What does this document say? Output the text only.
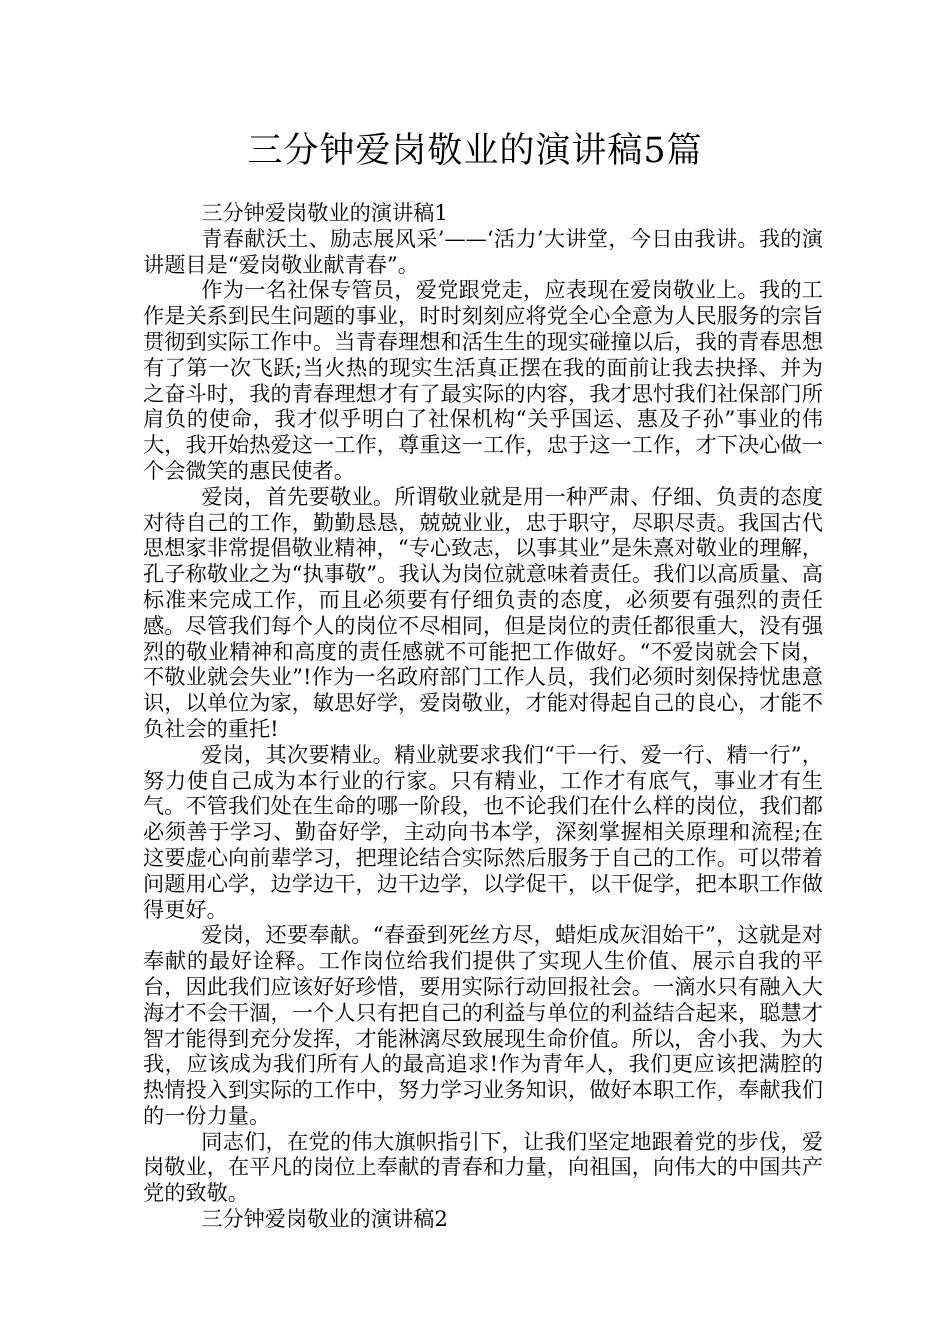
三分钟爱岗敬业的演讲稿5篇

三分钟爱岗敬业的演讲稿1

青春献沃土、励志展风采’——‘活力’大讲堂，今日由我讲。我的演讲题目是“爱岗敬业献青春”。

作为一名社保专管员，爱党跟党走，应表现在爱岗敬业上。我的工作是关系到民生问题的事业，时时刻刻应将党全心全意为人民服务的宗旨贯彻到实际工作中。当青春理想和活生生的现实碰撞以后，我的青春思想有了第一次飞跃;当火热的现实生活真正摆在我的面前让我去抉择、并为之奋斗时，我的青春理想才有了最实际的内容，我才思忖我们社保部门所肩负的使命，我才似乎明白了社保机构“关乎国运、惠及子孙”事业的伟大，我开始热爱这一工作，尊重这一工作，忠于这一工作，才下决心做一个会微笑的惠民使者。

爱岗，首先要敬业。所谓敬业就是用一种严肃、仔细、负责的态度对待自己的工作，勤勤恳恳，兢兢业业，忠于职守，尽职尽责。我国古代思想家非常提倡敬业精神，“专心致志，以事其业”是朱熹对敬业的理解，孔子称敬业之为“执事敬”。我认为岗位就意味着责任。我们以高质量、高标准来完成工作，而且必须要有仔细负责的态度，必须要有强烈的责任感。尽管我们每个人的岗位不尽相同，但是岗位的责任都很重大，没有强烈的敬业精神和高度的责任感就不可能把工作做好。“不爱岗就会下岗，不敬业就会失业”!作为一名政府部门工作人员，我们必须时刻保持忧患意识，以单位为家，敏思好学，爱岗敬业，才能对得起自己的良心，才能不负社会的重托!

爱岗，其次要精业。精业就要求我们“干一行、爱一行、精一行”，努力使自己成为本行业的行家。只有精业，工作才有底气，事业才有生气。不管我们处在生命的哪一阶段，也不论我们在什么样的岗位，我们都必须善于学习、勤奋好学，主动向书本学，深刻掌握相关原理和流程;在这要虚心向前辈学习，把理论结合实际然后服务于自己的工作。可以带着问题用心学，边学边干，边干边学，以学促干，以干促学，把本职工作做得更好。

爱岗，还要奉献。“春蚕到死丝方尽，蜡炬成灰泪始干”，这就是对奉献的最好诠释。工作岗位给我们提供了实现人生价值、展示自我的平台，因此我们应该好好珍惜，要用实际行动回报社会。一滴水只有融入大海才不会干涸，一个人只有把自己的利益与单位的利益结合起来，聪慧才智才能得到充分发挥，才能淋漓尽致展现生命价值。所以，舍小我、为大我，应该成为我们所有人的最高追求!作为青年人，我们更应该把满腔的热情投入到实际的工作中，努力学习业务知识，做好本职工作，奉献我们的一份力量。

同志们，在党的伟大旗帜指引下，让我们坚定地跟着党的步伐，爱岗敬业，在平凡的岗位上奉献的青春和力量，向祖国，向伟大的中国共产党的致敬。

三分钟爱岗敬业的演讲稿2
